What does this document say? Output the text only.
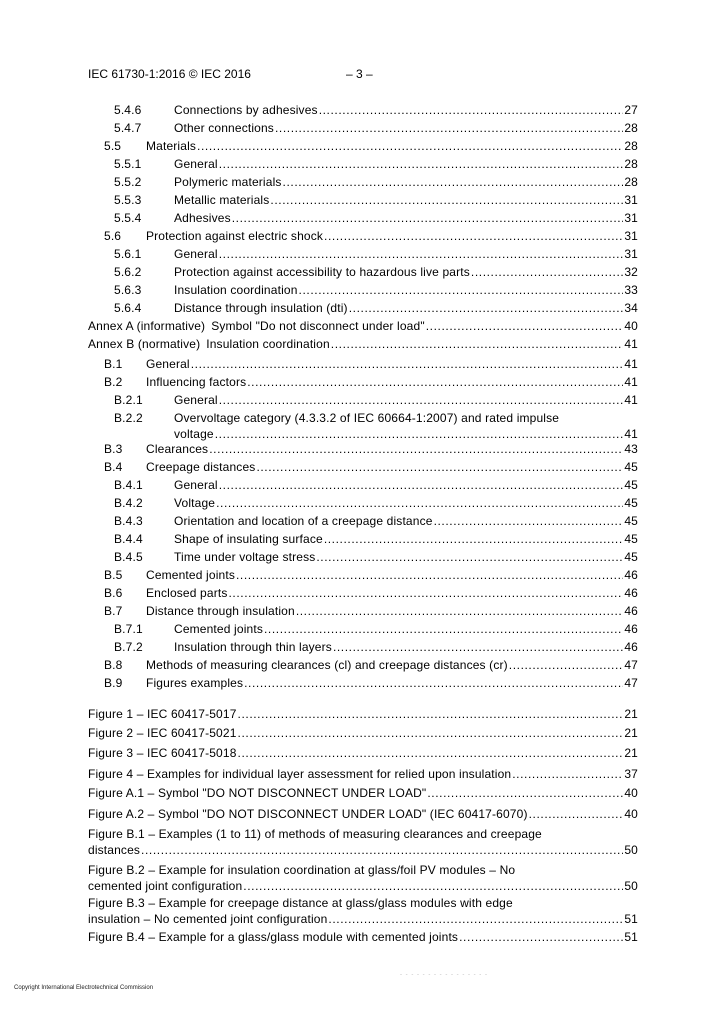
IEC 61730-1:2016 © IEC 2016	– 3 –
5.4.6	Connections by adhesives .....	27
5.4.7	Other connections .....	28
5.5	Materials .....	28
5.5.1	General .....	28
5.5.2	Polymeric materials .....	28
5.5.3	Metallic materials .....	31
5.5.4	Adhesives .....	31
5.6	Protection against electric shock .....	31
5.6.1	General .....	31
5.6.2	Protection against accessibility to hazardous live parts .....	32
5.6.3	Insulation coordination .....	33
5.6.4	Distance through insulation (dti) .....	34
Annex A (informative) Symbol "Do not disconnect under load" .....	40
Annex B (normative) Insulation coordination .....	41
B.1	General .....	41
B.2	Influencing factors .....	41
B.2.1	General .....	41
B.2.2	Overvoltage category (4.3.3.2 of IEC 60664-1:2007) and rated impulse
voltage .....	41
B.3	Clearances .....	43
B.4	Creepage distances .....	45
B.4.1	General .....	45
B.4.2	Voltage .....	45
B.4.3	Orientation and location of a creepage distance .....	45
B.4.4	Shape of insulating surface .....	45
B.4.5	Time under voltage stress .....	45
B.5	Cemented joints .....	46
B.6	Enclosed parts .....	46
B.7	Distance through insulation .....	46
B.7.1	Cemented joints .....	46
B.7.2	Insulation through thin layers .....	46
B.8	Methods of measuring clearances (cl) and creepage distances (cr) .....	47
B.9	Figures examples .....	47
Figure 1 – IEC 60417-5017 .....	21
Figure 2 – IEC 60417-5021 .....	21
Figure 3 – IEC 60417-5018 .....	21
Figure 4 – Examples for individual layer assessment for relied upon insulation .....	37
Figure A.1 – Symbol "DO NOT DISCONNECT UNDER LOAD" .....	40
Figure A.2 – Symbol "DO NOT DISCONNECT UNDER LOAD" (IEC 60417-6070) .....	40
Figure B.1 – Examples (1 to 11) of methods of measuring clearances and creepage
distances .....	50
Figure B.2 – Example for insulation coordination at glass/foil PV modules – No
cemented joint configuration .....	50
Figure B.3 – Example for creepage distance at glass/glass modules with edge
insulation – No cemented joint configuration .....	51
Figure B.4 – Example for a glass/glass module with cemented joints .....	51
- - - - - - - - - - - - - - - -
Copyright International Electrotechnical Commission
